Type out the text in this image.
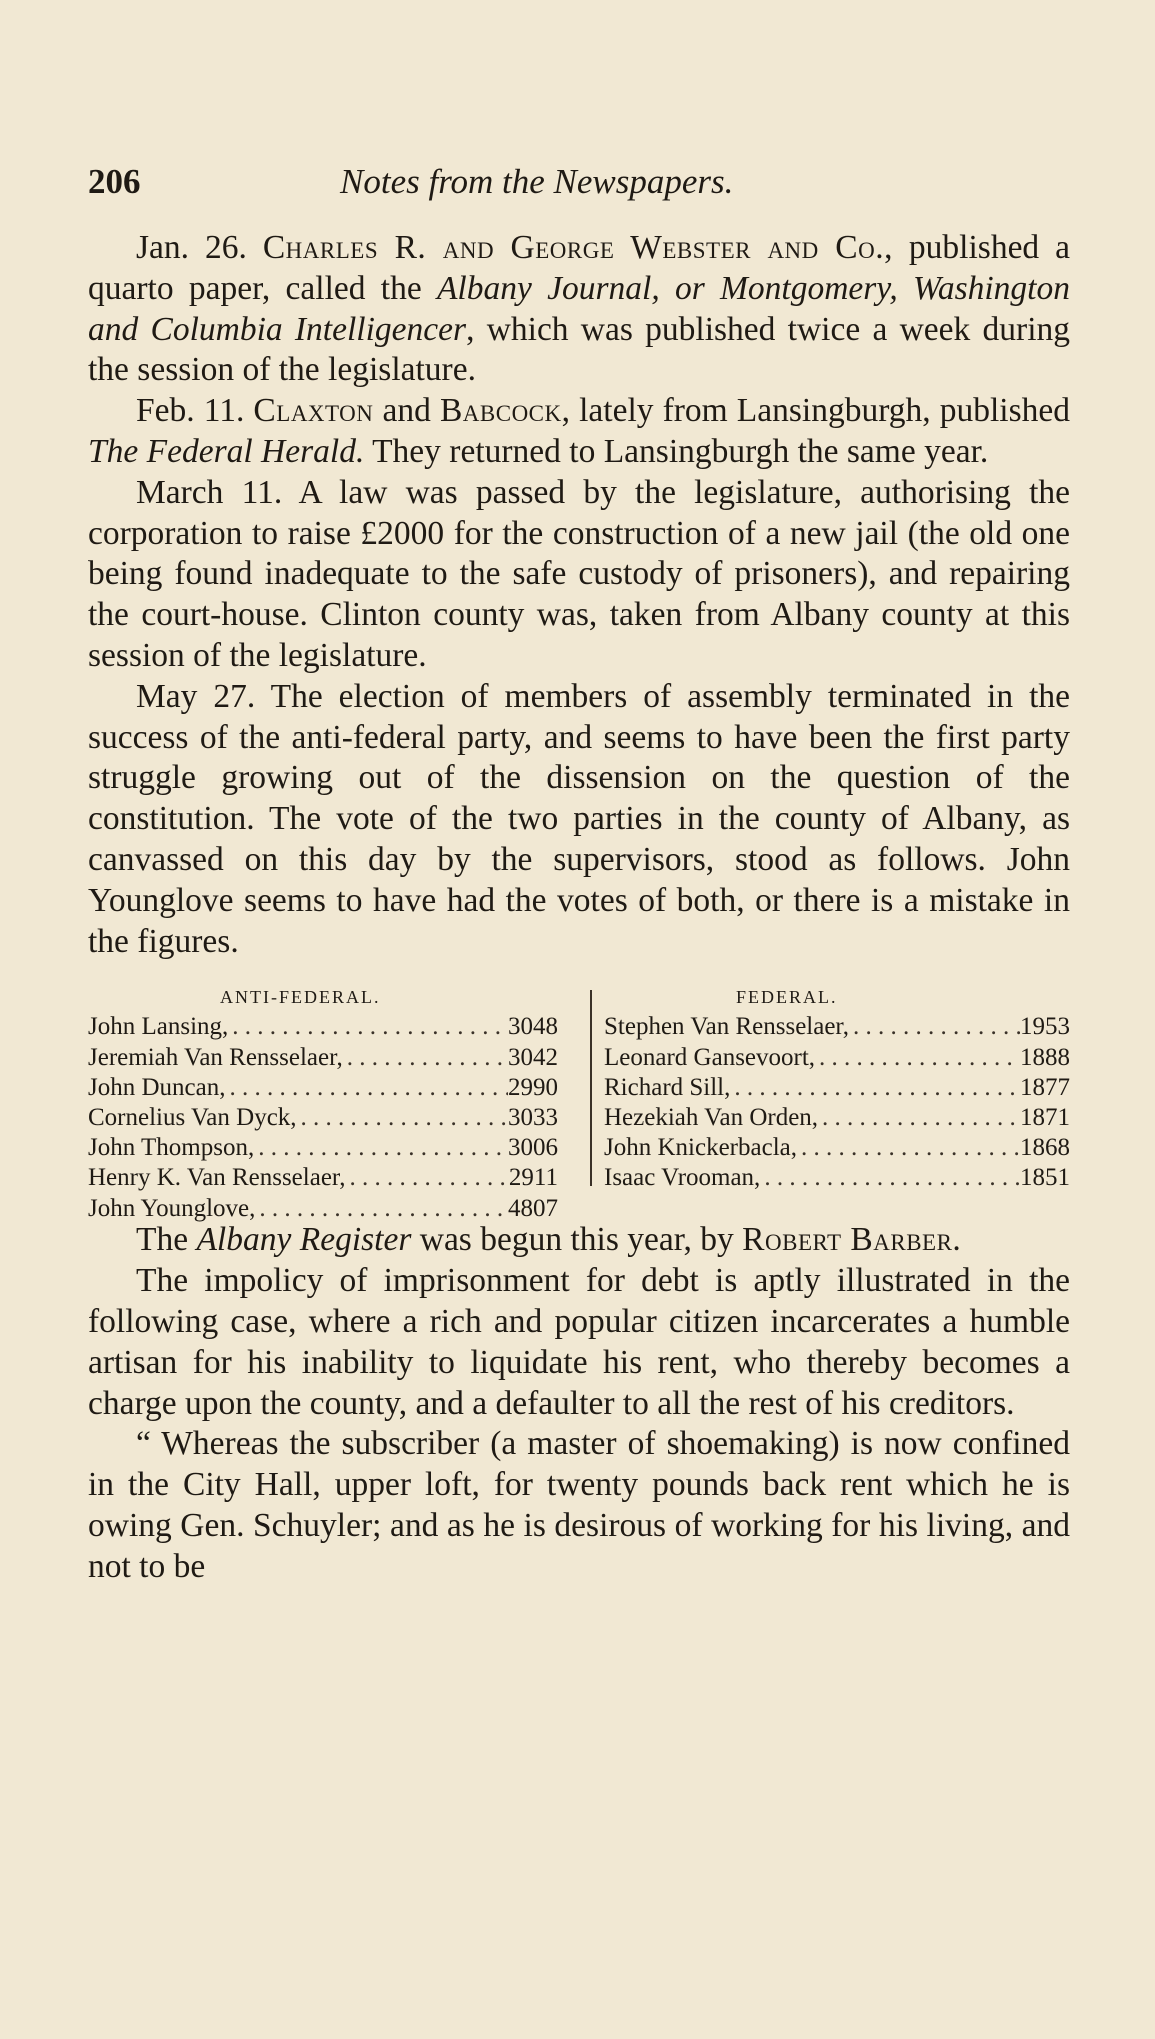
206	Notes from the Newspapers.

Jan. 26. Charles R. and George Webster and Co., published a quarto paper, called the Albany Journal, or Montgomery, Washington and Columbia Intelligencer, which was published twice a week during the session of the legislature.

Feb. 11. Claxton and Babcock, lately from Lansingburgh, published The Federal Herald. They returned to Lansingburgh the same year.

March 11. A law was passed by the legislature, authorising the corporation to raise £2000 for the construction of a new jail (the old one being found inadequate to the safe custody of prisoners), and repairing the court-house. Clinton county was, taken from Albany county at this session of the legislature.

May 27. The election of members of assembly terminated in the success of the anti-federal party, and seems to have been the first party struggle growing out of the dissension on the question of the constitution. The vote of the two parties in the county of Albany, as canvassed on this day by the supervisors, stood as follows. John Younglove seems to have had the votes of both, or there is a mistake in the figures.

ANTI-FEDERAL.
John Lansing, . . .	3048
Jeremiah Van Rensselaer, . . .	3042
John Duncan, . . .	2990
Cornelius Van Dyck, . . .	3033
John Thompson, . . .	3006
Henry K. Van Rensselaer, . . .	2911
John Younglove, . . .	4807
FEDERAL.
Stephen Van Rensselaer, . . .	1953
Leonard Gansevoort, . . .	1888
Richard Sill, . . .	1877
Hezekiah Van Orden, . . .	1871
John Knickerbacla, . . .	1868
Isaac Vrooman, . . .	1851

The Albany Register was begun this year, by Robert Barber.

The impolicy of imprisonment for debt is aptly illustrated in the following case, where a rich and popular citizen incarcerates a humble artisan for his inability to liquidate his rent, who thereby becomes a charge upon the county, and a defaulter to all the rest of his creditors.

“ Whereas the subscriber (a master of shoemaking) is now confined in the City Hall, upper loft, for twenty pounds back rent which he is owing Gen. Schuyler; and as he is desirous of working for his living, and not to be
